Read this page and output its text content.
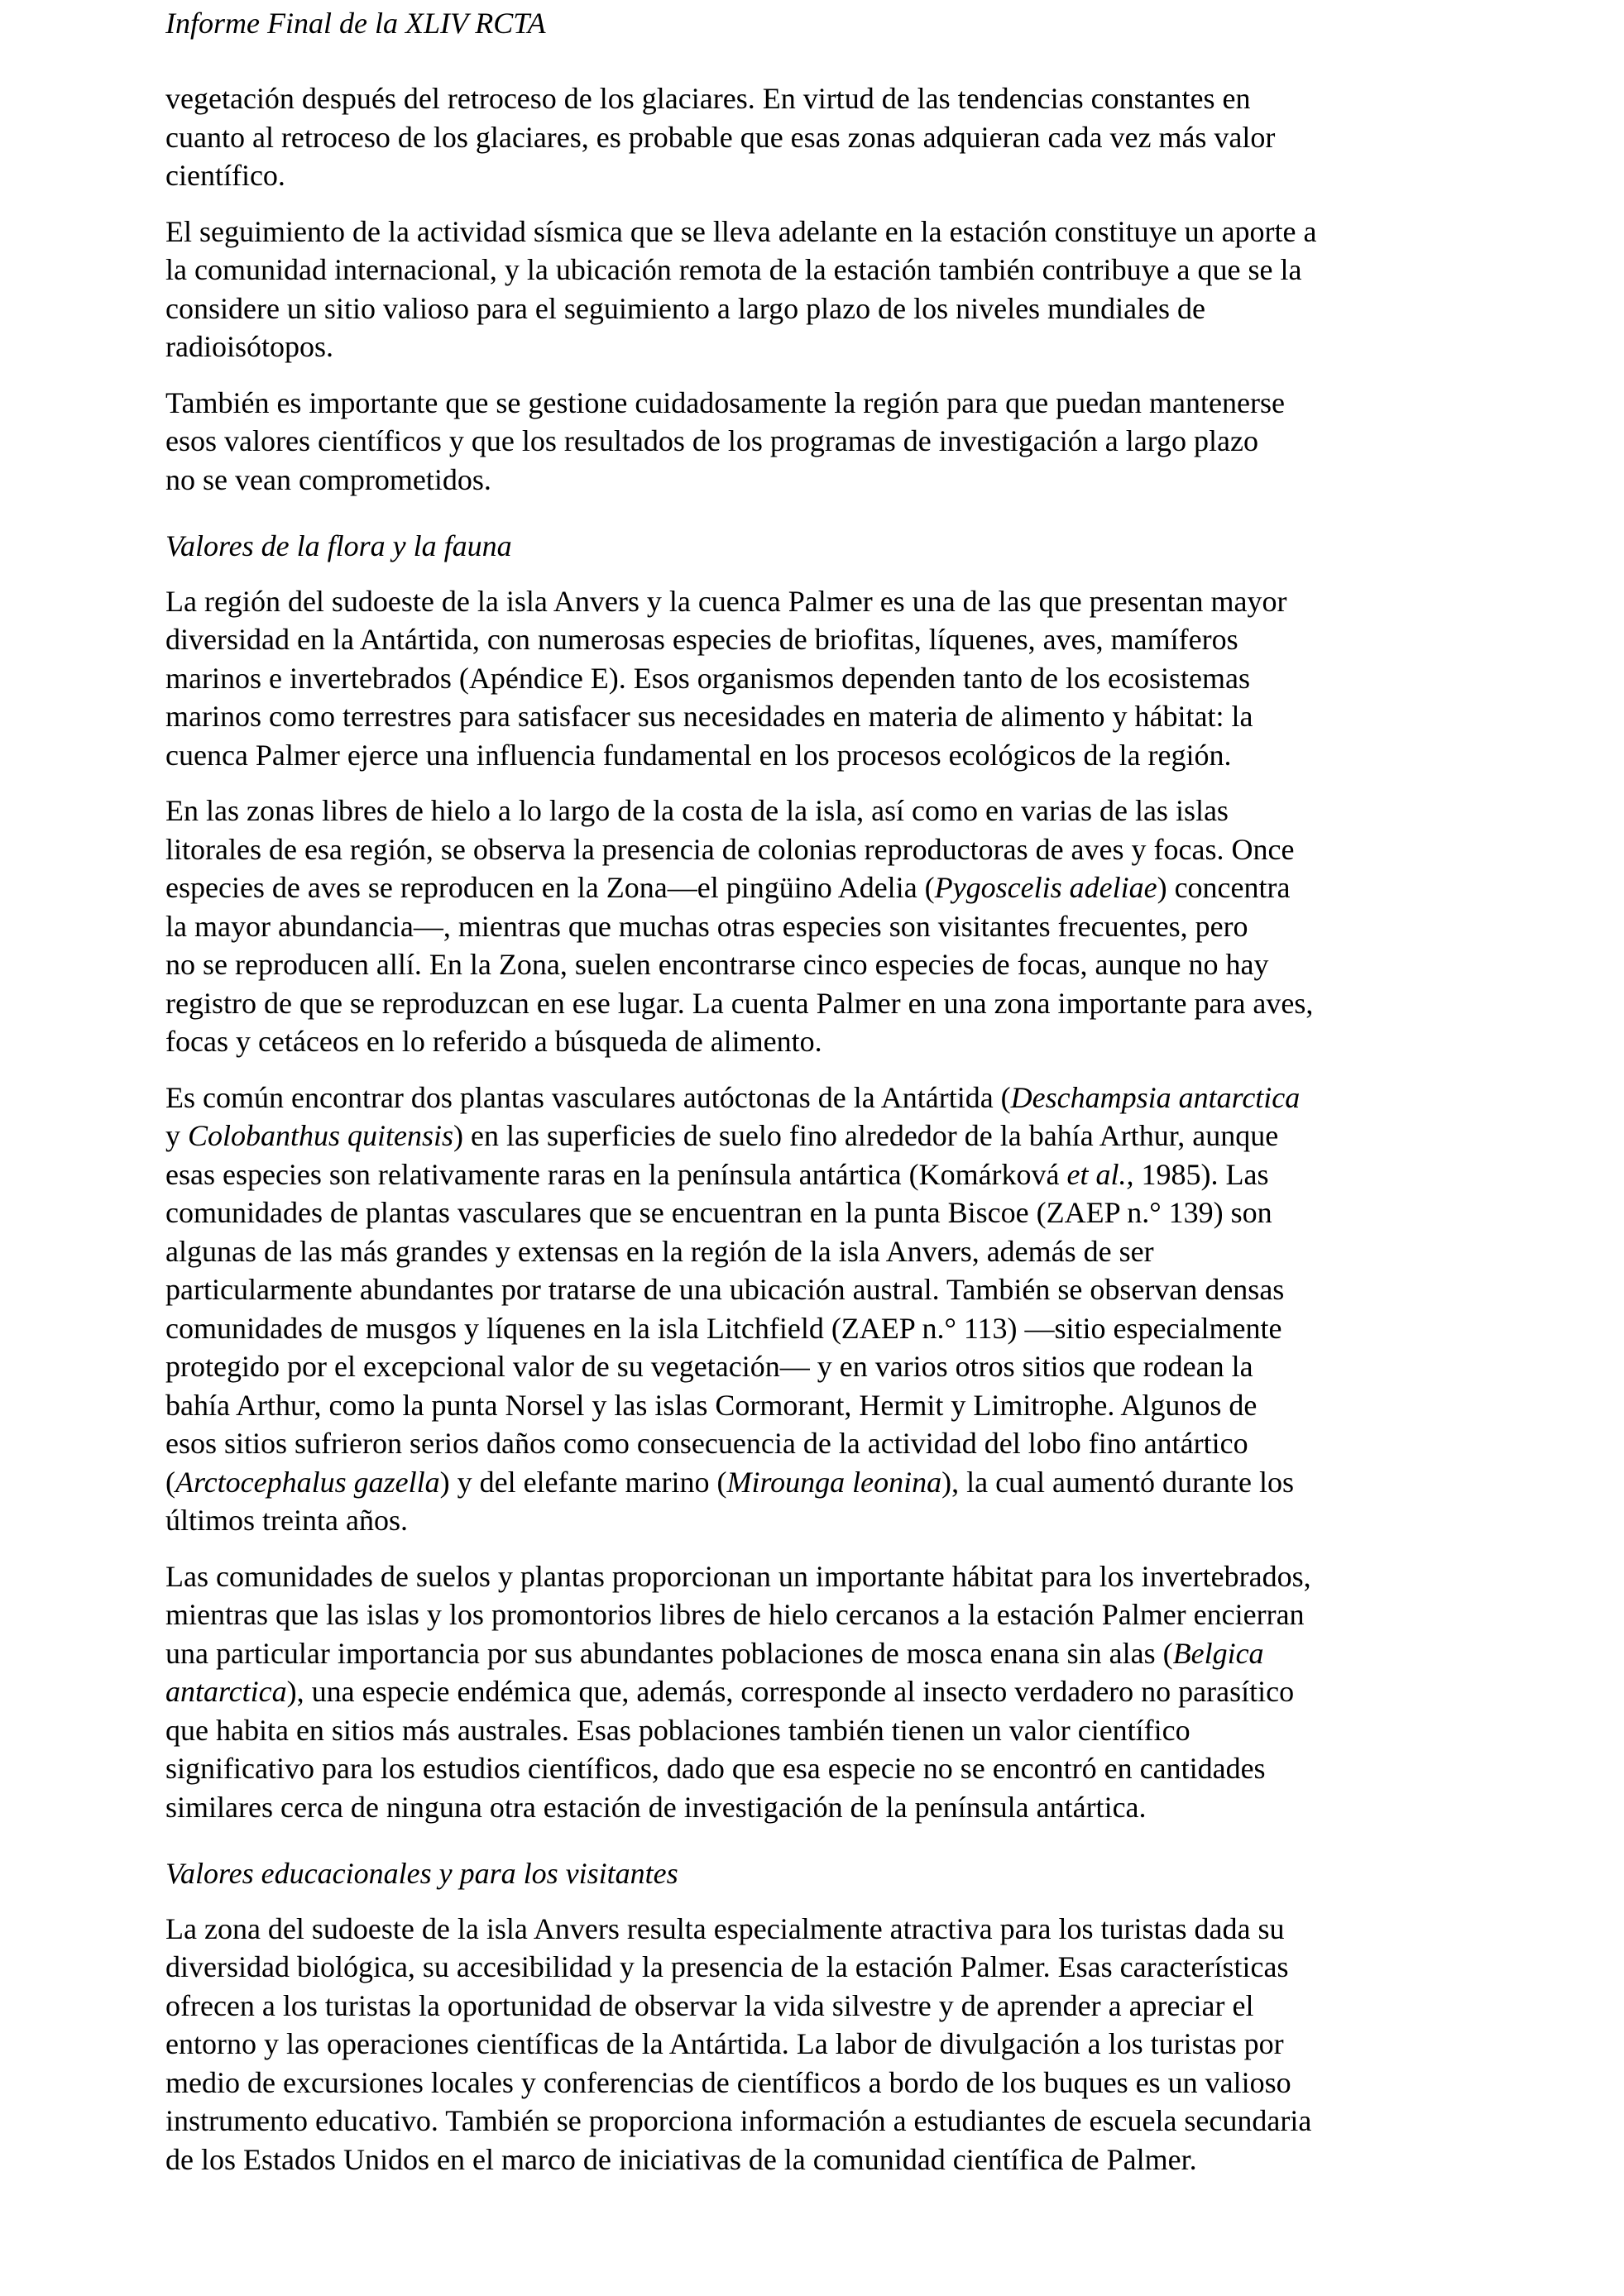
Informe Final de la XLIV RCTA
vegetación después del retroceso de los glaciares. En virtud de las tendencias constantes en
cuanto al retroceso de los glaciares, es probable que esas zonas adquieran cada vez más valor
científico.
El seguimiento de la actividad sísmica que se lleva adelante en la estación constituye un aporte a
la comunidad internacional, y la ubicación remota de la estación también contribuye a que se la
considere un sitio valioso para el seguimiento a largo plazo de los niveles mundiales de
radioisótopos.
También es importante que se gestione cuidadosamente la región para que puedan mantenerse
esos valores científicos y que los resultados de los programas de investigación a largo plazo
no se vean comprometidos.
Valores de la flora y la fauna
La región del sudoeste de la isla Anvers y la cuenca Palmer es una de las que presentan mayor
diversidad en la Antártida, con numerosas especies de briofitas, líquenes, aves, mamíferos
marinos e invertebrados (Apéndice E). Esos organismos dependen tanto de los ecosistemas
marinos como terrestres para satisfacer sus necesidades en materia de alimento y hábitat: la
cuenca Palmer ejerce una influencia fundamental en los procesos ecológicos de la región.
En las zonas libres de hielo a lo largo de la costa de la isla, así como en varias de las islas
litorales de esa región, se observa la presencia de colonias reproductoras de aves y focas. Once
especies de aves se reproducen en la Zona—el pingüino Adelia (Pygoscelis adeliae) concentra
la mayor abundancia—, mientras que muchas otras especies son visitantes frecuentes, pero
no se reproducen allí. En la Zona, suelen encontrarse cinco especies de focas, aunque no hay
registro de que se reproduzcan en ese lugar. La cuenta Palmer en una zona importante para aves,
focas y cetáceos en lo referido a búsqueda de alimento.
Es común encontrar dos plantas vasculares autóctonas de la Antártida (Deschampsia antarctica
y Colobanthus quitensis) en las superficies de suelo fino alrededor de la bahía Arthur, aunque
esas especies son relativamente raras en la península antártica (Komárková et al., 1985). Las
comunidades de plantas vasculares que se encuentran en la punta Biscoe (ZAEP n.° 139) son
algunas de las más grandes y extensas en la región de la isla Anvers, además de ser
particularmente abundantes por tratarse de una ubicación austral. También se observan densas
comunidades de musgos y líquenes en la isla Litchfield (ZAEP n.° 113) —sitio especialmente
protegido por el excepcional valor de su vegetación— y en varios otros sitios que rodean la
bahía Arthur, como la punta Norsel y las islas Cormorant, Hermit y Limitrophe. Algunos de
esos sitios sufrieron serios daños como consecuencia de la actividad del lobo fino antártico
(Arctocephalus gazella) y del elefante marino (Mirounga leonina), la cual aumentó durante los
últimos treinta años.
Las comunidades de suelos y plantas proporcionan un importante hábitat para los invertebrados,
mientras que las islas y los promontorios libres de hielo cercanos a la estación Palmer encierran
una particular importancia por sus abundantes poblaciones de mosca enana sin alas (Belgica
antarctica), una especie endémica que, además, corresponde al insecto verdadero no parasítico
que habita en sitios más australes. Esas poblaciones también tienen un valor científico
significativo para los estudios científicos, dado que esa especie no se encontró en cantidades
similares cerca de ninguna otra estación de investigación de la península antártica.
Valores educacionales y para los visitantes
La zona del sudoeste de la isla Anvers resulta especialmente atractiva para los turistas dada su
diversidad biológica, su accesibilidad y la presencia de la estación Palmer. Esas características
ofrecen a los turistas la oportunidad de observar la vida silvestre y de aprender a apreciar el
entorno y las operaciones científicas de la Antártida. La labor de divulgación a los turistas por
medio de excursiones locales y conferencias de científicos a bordo de los buques es un valioso
instrumento educativo. También se proporciona información a estudiantes de escuela secundaria
de los Estados Unidos en el marco de iniciativas de la comunidad científica de Palmer.
